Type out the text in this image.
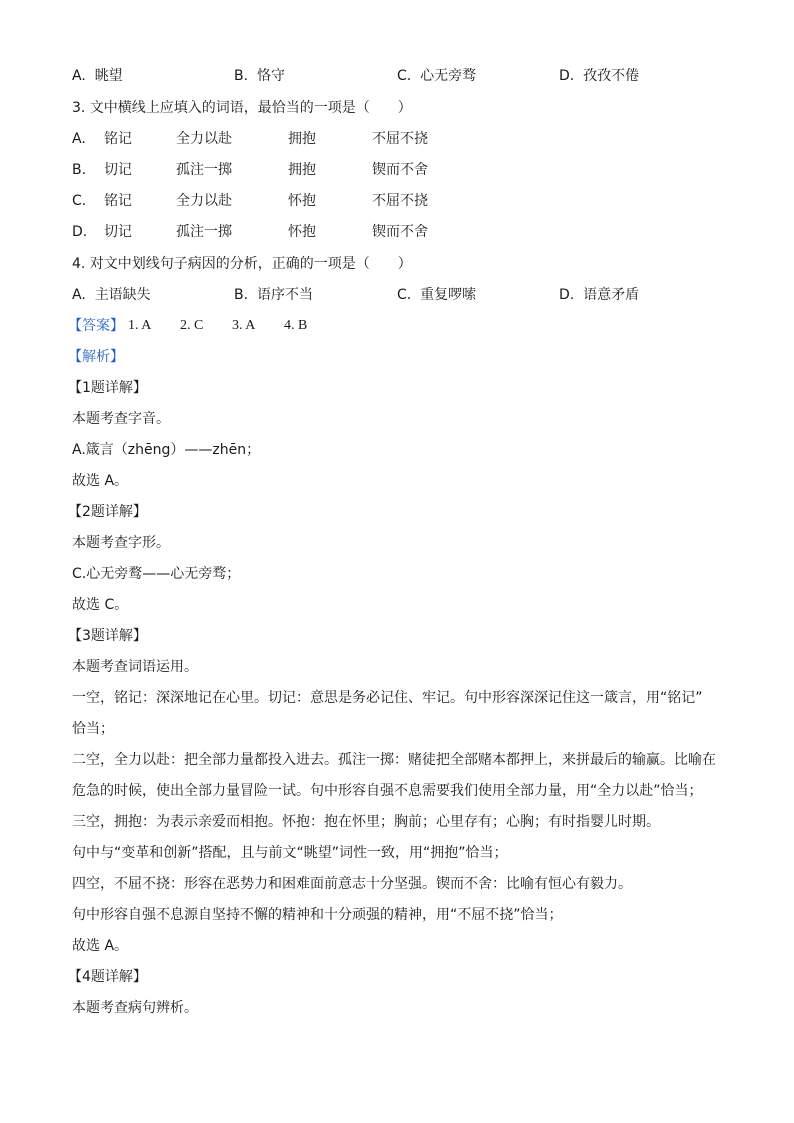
A. 眺望	B. 恪守	C. 心无旁骛	D. 孜孜不倦
3. 文中横线上应填入的词语，最恰当的一项是（　　）
A. 铭记	全力以赴	拥抱	不屈不挠
B. 切记	孤注一掷	拥抱	锲而不舍
C. 铭记	全力以赴	怀抱	不屈不挠
D. 切记	孤注一掷	怀抱	锲而不舍
4. 对文中划线句子病因的分析，正确的一项是（　　）
A. 主语缺失	B. 语序不当	C. 重复啰嗦	D. 语意矛盾
【答案】 1. A 2. C 3. A 4. B
【解析】
【1题详解】
本题考查字音。
A.箴言（zhēng）——zhēn；
故选 A。
【2题详解】
本题考查字形。
C.心无旁鹜——心无旁骛；
故选 C。
【3题详解】
本题考查词语运用。
一空，铭记：深深地记在心里。切记：意思是务必记住、牢记。句中形容深深记住这一箴言，用“铭记”
恰当；
二空，全力以赴：把全部力量都投入进去。孤注一掷：赌徒把全部赌本都押上，来拼最后的输赢。比喻在
危急的时候，使出全部力量冒险一试。句中形容自强不息需要我们使用全部力量，用“全力以赴”恰当；
三空，拥抱：为表示亲爱而相抱。怀抱：抱在怀里；胸前；心里存有；心胸；有时指婴儿时期。
句中与“变革和创新”搭配，且与前文“眺望”词性一致，用“拥抱”恰当；
四空，不屈不挠：形容在恶势力和困难面前意志十分坚强。锲而不舍：比喻有恒心有毅力。
句中形容自强不息源自坚持不懈的精神和十分顽强的精神，用“不屈不挠”恰当；
故选 A。
【4题详解】
本题考查病句辨析。
